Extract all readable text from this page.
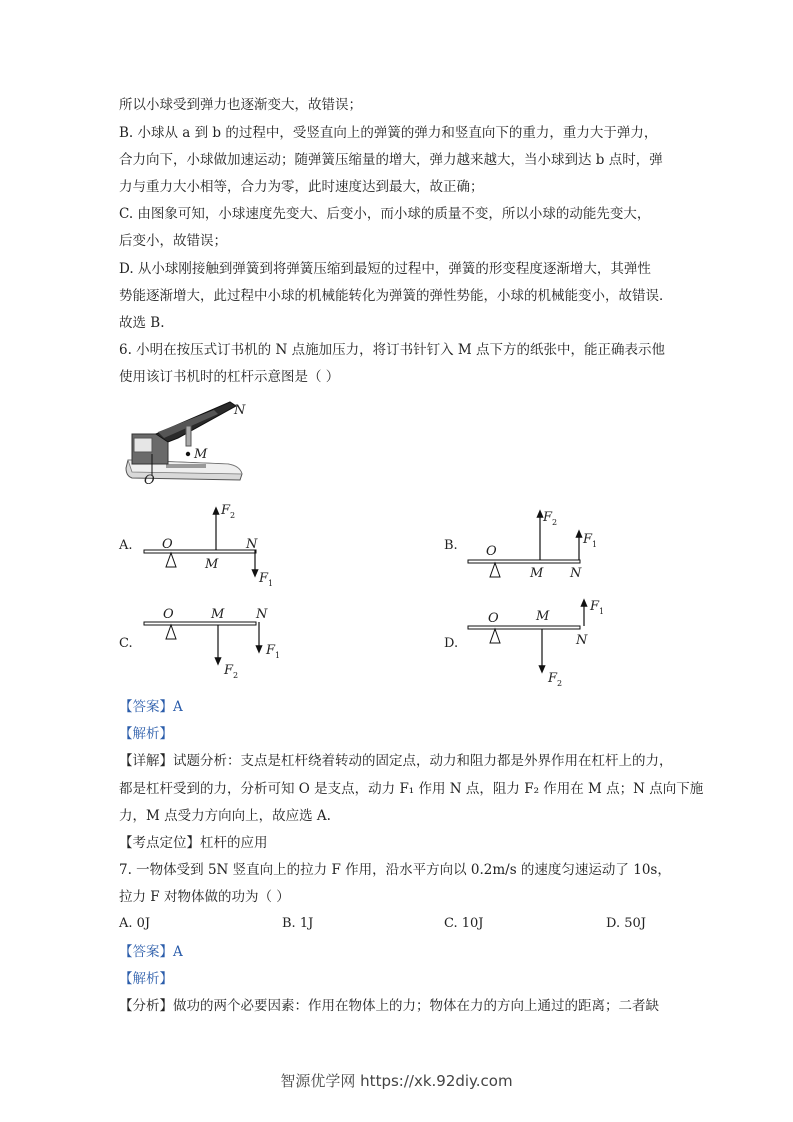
所以小球受到弹力也逐渐变大，故错误；
B. 小球从 a 到 b 的过程中，受竖直向上的弹簧的弹力和竖直向下的重力，重力大于弹力，
合力向下，小球做加速运动；随弹簧压缩量的增大，弹力越来越大，当小球到达 b 点时，弹
力与重力大小相等，合力为零，此时速度达到最大，故正确；
C. 由图象可知，小球速度先变大、后变小，而小球的质量不变，所以小球的动能先变大，
后变小，故错误；
D. 从小球刚接触到弹簧到将弹簧压缩到最短的过程中，弹簧的形变程度逐渐增大，其弹性
势能逐渐增大，此过程中小球的机械能转化为弹簧的弹性势能，小球的机械能变小，故错误．
故选 B.
6. 小明在按压式订书机的 N 点施加压力，将订书针钉入 M 点下方的纸张中，能正确表示他
使用该订书机时的杠杆示意图是（ ）
N
M
O
A.	B.
C.	D.
O
M
N
F 2
F 1
O
M N
F 2
F 1
O	M N
F 2
F 1
O	M
N
F 2
F 1
【答案】A
【解析】
【详解】试题分析：支点是杠杆绕着转动的固定点，动力和阻力都是外界作用在杠杆上的力，
都是杠杆受到的力，分析可知 O 是支点，动力 F₁ 作用 N 点，阻力 F₂ 作用在 M 点；N 点向下施
力，M 点受力方向向上，故应选 A.
【考点定位】杠杆的应用
7. 一物体受到 5N 竖直向上的拉力 F 作用，沿水平方向以 0.2m/s 的速度匀速运动了 10s，
拉力 F 对物体做的功为（ ）
A. 0J	B. 1J	C. 10J	D. 50J
【答案】A
【解析】
【分析】做功的两个必要因素：作用在物体上的力；物体在力的方向上通过的距离；二者缺
智源优学网 https://xk.92diy.com
